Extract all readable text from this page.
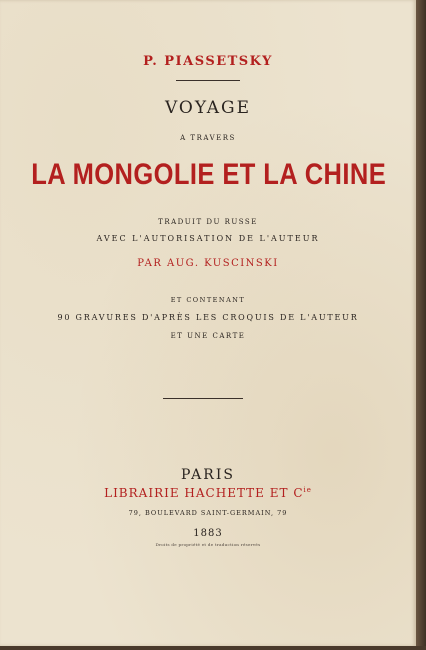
P. PIASSETSKY
VOYAGE
A TRAVERS
LA MONGOLIE ET LA CHINE
TRADUIT DU RUSSE
AVEC L'AUTORISATION DE L'AUTEUR
PAR AUG. KUSCINSKI
ET CONTENANT
90 GRAVURES D'APRÈS LES CROQUIS DE L'AUTEUR
ET UNE CARTE
PARIS
LIBRAIRIE HACHETTE ET $C^{ie}$
79, BOULEVARD SAINT-GERMAIN, 79
1883
Droits de propriété et de traduction réservés
